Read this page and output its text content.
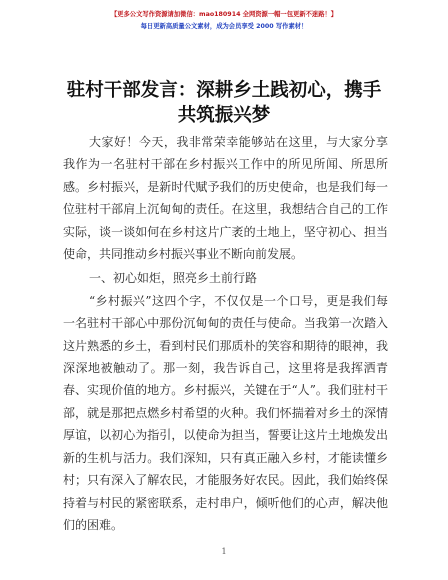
【更多公文写作资源请加微信：mao180914 全网资源一帽一包更新不迷路！】
每日更新高质量公文素材，成为会员享受 2000 写作素材！
驻村干部发言：深耕乡土践初心，携手共筑振兴梦

大家好！今天，我非常荣幸能够站在这里，与大家分享我作为一名驻村干部在乡村振兴工作中的所见所闻、所思所感。乡村振兴，是新时代赋予我们的历史使命，也是我们每一位驻村干部肩上沉甸甸的责任。在这里，我想结合自己的工作实际，谈一谈如何在乡村这片广袤的土地上，坚守初心、担当使命，共同推动乡村振兴事业不断向前发展。

一、初心如炬，照亮乡土前行路

“乡村振兴”这四个字，不仅仅是一个口号，更是我们每一名驻村干部心中那份沉甸甸的责任与使命。当我第一次踏入这片熟悉的乡土，看到村民们那质朴的笑容和期待的眼神，我深深地被触动了。那一刻，我告诉自己，这里将是我挥洒青春、实现价值的地方。乡村振兴，关键在于“人”。我们驻村干部，就是那把点燃乡村希望的火种。我们怀揣着对乡土的深情厚谊，以初心为指引，以使命为担当，誓要让这片土地焕发出新的生机与活力。我们深知，只有真正融入乡村，才能读懂乡村；只有深入了解农民，才能服务好农民。因此，我们始终保持着与村民的紧密联系，走村串户，倾听他们的心声，解决他们的困难。

1
